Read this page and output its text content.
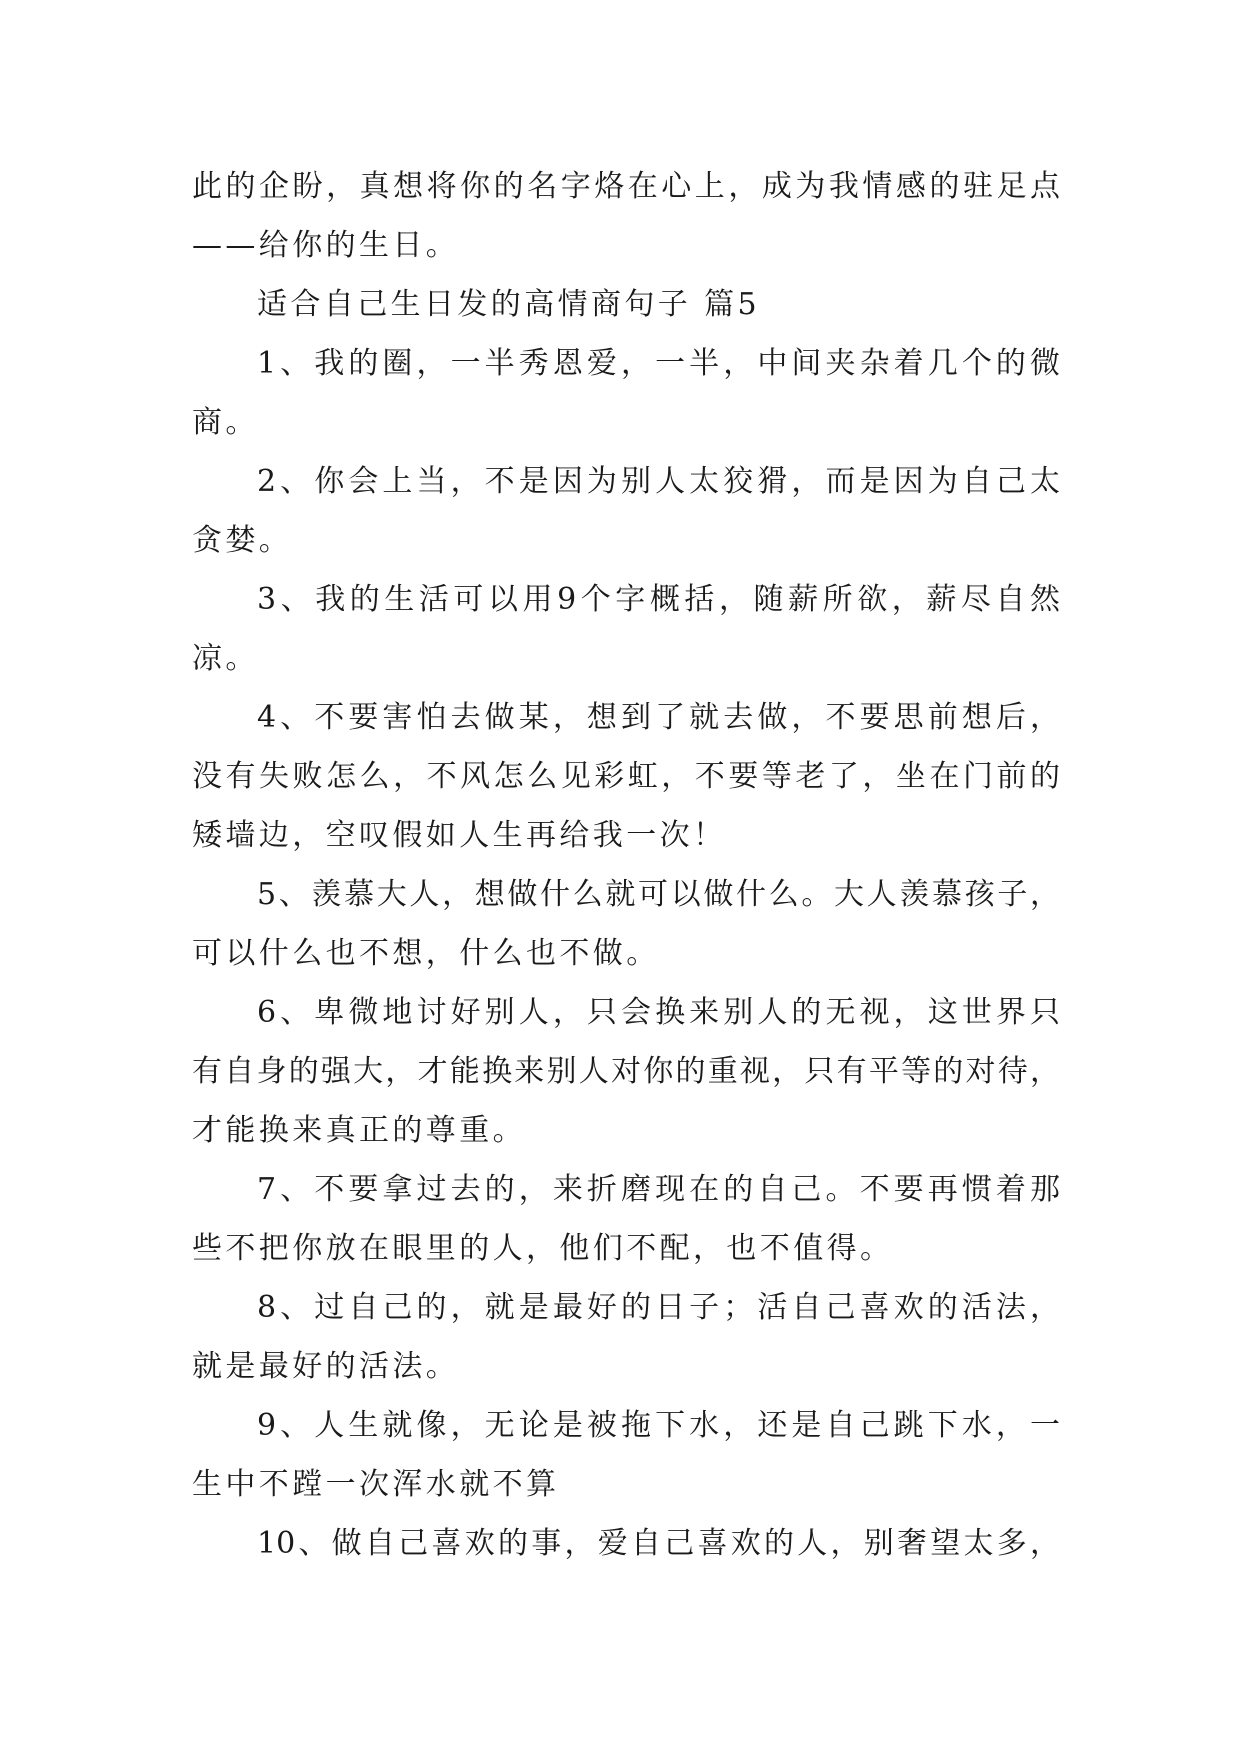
此的企盼，真想将你的名字烙在心上，成为我情感的驻足点
——给你的生日。
适合自己生日发的高情商句子 篇5
1、我的圈，一半秀恩爱，一半，中间夹杂着几个的微
商。
2、你会上当，不是因为别人太狡猾，而是因为自己太
贪婪。
3、我的生活可以用9个字概括，随薪所欲，薪尽自然
凉。
4、不要害怕去做某，想到了就去做，不要思前想后，
没有失败怎么，不风怎么见彩虹，不要等老了，坐在门前的
矮墙边，空叹假如人生再给我一次！
5、羡慕大人，想做什么就可以做什么。大人羡慕孩子，
可以什么也不想，什么也不做。
6、卑微地讨好别人，只会换来别人的无视，这世界只
有自身的强大，才能换来别人对你的重视，只有平等的对待，
才能换来真正的尊重。
7、不要拿过去的，来折磨现在的自己。不要再惯着那
些不把你放在眼里的人，他们不配，也不值得。
8、过自己的，就是最好的日子；活自己喜欢的活法，
就是最好的活法。
9、人生就像，无论是被拖下水，还是自己跳下水，一
生中不蹚一次浑水就不算
10、做自己喜欢的事，爱自己喜欢的人，别奢望太多，
